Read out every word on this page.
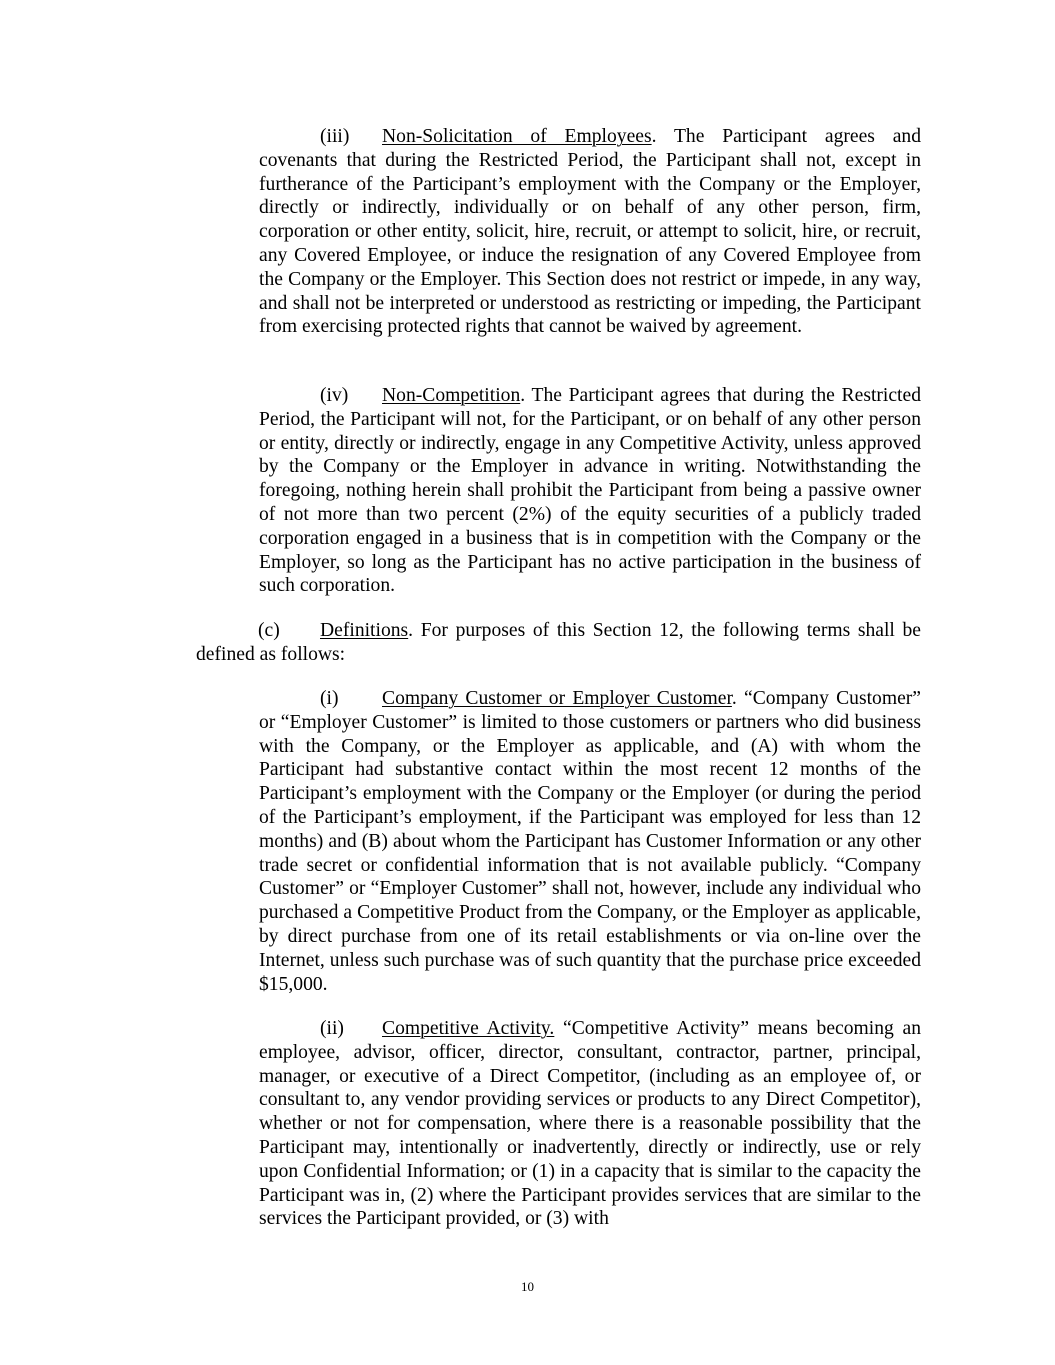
(iii) Non-Solicitation of Employees. The Participant agrees and covenants that during the Restricted Period, the Participant shall not, except in furtherance of the Participant’s employment with the Company or the Employer, directly or indirectly, individually or on behalf of any other person, firm, corporation or other entity, solicit, hire, recruit, or attempt to solicit, hire, or recruit, any Covered Employee, or induce the resignation of any Covered Employee from the Company or the Employer. This Section does not restrict or impede, in any way, and shall not be interpreted or understood as restricting or impeding, the Participant from exercising protected rights that cannot be waived by agreement.

(iv) Non-Competition. The Participant agrees that during the Restricted Period, the Participant will not, for the Participant, or on behalf of any other person or entity, directly or indirectly, engage in any Competitive Activity, unless approved by the Company or the Employer in advance in writing. Notwithstanding the foregoing, nothing herein shall prohibit the Participant from being a passive owner of not more than two percent (2%) of the equity securities of a publicly traded corporation engaged in a business that is in competition with the Company or the Employer, so long as the Participant has no active participation in the business of such corporation.

(c) Definitions. For purposes of this Section 12, the following terms shall be defined as follows:

(i) Company Customer or Employer Customer. “Company Customer” or “Employer Customer” is limited to those customers or partners who did business with the Company, or the Employer as applicable, and (A) with whom the Participant had substantive contact within the most recent 12 months of the Participant’s employment with the Company or the Employer (or during the period of the Participant’s employment, if the Participant was employed for less than 12 months) and (B) about whom the Participant has Customer Information or any other trade secret or confidential information that is not available publicly. “Company Customer” or “Employer Customer” shall not, however, include any individual who purchased a Competitive Product from the Company, or the Employer as applicable, by direct purchase from one of its retail establishments or via on-line over the Internet, unless such purchase was of such quantity that the purchase price exceeded $15,000.

(ii) Competitive Activity. “Competitive Activity” means becoming an employee, advisor, officer, director, consultant, contractor, partner, principal, manager, or executive of a Direct Competitor, (including as an employee of, or consultant to, any vendor providing services or products to any Direct Competitor), whether or not for compensation, where there is a reasonable possibility that the Participant may, intentionally or inadvertently, directly or indirectly, use or rely upon Confidential Information; or (1) in a capacity that is similar to the capacity the Participant was in, (2) where the Participant provides services that are similar to the services the Participant provided, or (3) with

10
